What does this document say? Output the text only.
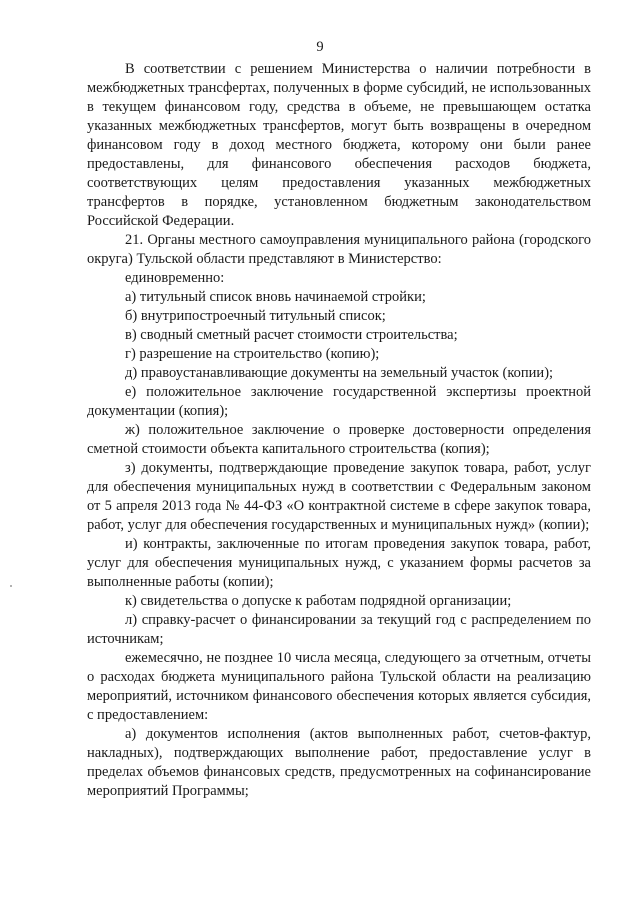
9

В соответствии с решением Министерства о наличии потребности в межбюджетных трансфертах, полученных в форме субсидий, не использованных в текущем финансовом году, средства в объеме, не превышающем остатка указанных межбюджетных трансфертов, могут быть возвращены в очередном финансовом году в доход местного бюджета, которому они были ранее предоставлены, для финансового обеспечения расходов бюджета, соответствующих целям предоставления указанных межбюджетных трансфертов в порядке, установленном бюджетным законодательством Российской Федерации.

21. Органы местного самоуправления муниципального района (городского округа) Тульской области представляют в Министерство:

единовременно:

а) титульный список вновь начинаемой стройки;

б) внутрипостроечный титульный список;

в) сводный сметный расчет стоимости строительства;

г) разрешение на строительство (копию);

д) правоустанавливающие документы на земельный участок (копии);

е) положительное заключение государственной экспертизы проектной документации (копия);

ж) положительное заключение о проверке достоверности определения сметной стоимости объекта капитального строительства (копия);

з) документы, подтверждающие проведение закупок товара, работ, услуг для обеспечения муниципальных нужд в соответствии с Федеральным законом от 5 апреля 2013 года № 44-ФЗ «О контрактной системе в сфере закупок товара, работ, услуг для обеспечения государственных и муниципальных нужд» (копии);

и) контракты, заключенные по итогам проведения закупок товара, работ, услуг для обеспечения муниципальных нужд, с указанием формы расчетов за выполненные работы (копии);

к) свидетельства о допуске к работам подрядной организации;

л) справку-расчет о финансировании за текущий год с распределением по источникам;

ежемесячно, не позднее 10 числа месяца, следующего за отчетным, отчеты о расходах бюджета муниципального района Тульской области на реализацию мероприятий, источником финансового обеспечения которых является субсидия, с предоставлением:

а) документов исполнения (актов выполненных работ, счетов-фактур, накладных), подтверждающих выполнение работ, предоставление услуг в пределах объемов финансовых средств, предусмотренных на софинансирование мероприятий Программы;
